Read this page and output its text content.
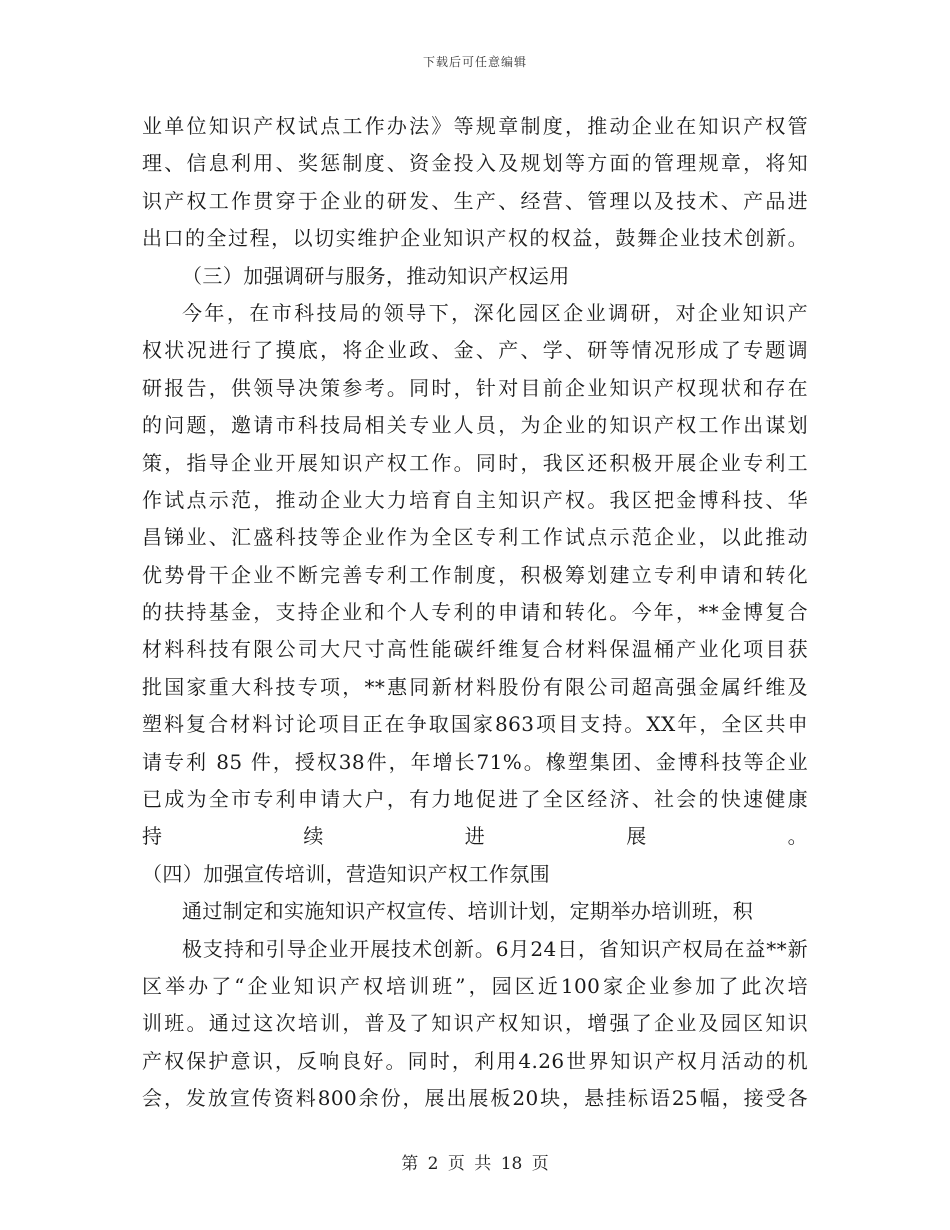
下载后可任意编辑
业单位知识产权试点工作办法》等规章制度，推动企业在知识产权管
理、信息利用、奖惩制度、资金投入及规划等方面的管理规章，将知
识产权工作贯穿于企业的研发、生产、经营、管理以及技术、产品进
出口的全过程，以切实维护企业知识产权的权益，鼓舞企业技术创新。
（三）加强调研与服务，推动知识产权运用
今年，在市科技局的领导下，深化园区企业调研，对企业知识产
权状况进行了摸底，将企业政、金、产、学、研等情况形成了专题调
研报告，供领导决策参考。同时，针对目前企业知识产权现状和存在
的问题，邀请市科技局相关专业人员，为企业的知识产权工作出谋划
策，指导企业开展知识产权工作。同时，我区还积极开展企业专利工
作试点示范，推动企业大力培育自主知识产权。我区把金博科技、华
昌锑业、汇盛科技等企业作为全区专利工作试点示范企业，以此推动
优势骨干企业不断完善专利工作制度，积极筹划建立专利申请和转化
的扶持基金，支持企业和个人专利的申请和转化。今年，**金博复合
材料科技有限公司大尺寸高性能碳纤维复合材料保温桶产业化项目获
批国家重大科技专项，**惠同新材料股份有限公司超高强金属纤维及
塑料复合材料讨论项目正在争取国家863项目支持。XX年，全区共申
请专利 85 件，授权38件，年增长71%。橡塑集团、金博科技等企业
已成为全市专利申请大户，有力地促进了全区经济、社会的快速健康
持续进展。
（四）加强宣传培训，营造知识产权工作氛围
通过制定和实施知识产权宣传、培训计划，定期举办培训班，积
极支持和引导企业开展技术创新。6月24日，省知识产权局在益**新
区举办了“企业知识产权培训班”，园区近100家企业参加了此次培
训班。通过这次培训，普及了知识产权知识，增强了企业及园区知识
产权保护意识，反响良好。同时，利用4.26世界知识产权月活动的机
会，发放宣传资料800余份，展出展板20块，悬挂标语25幅，接受各
第 2 页 共 18 页
